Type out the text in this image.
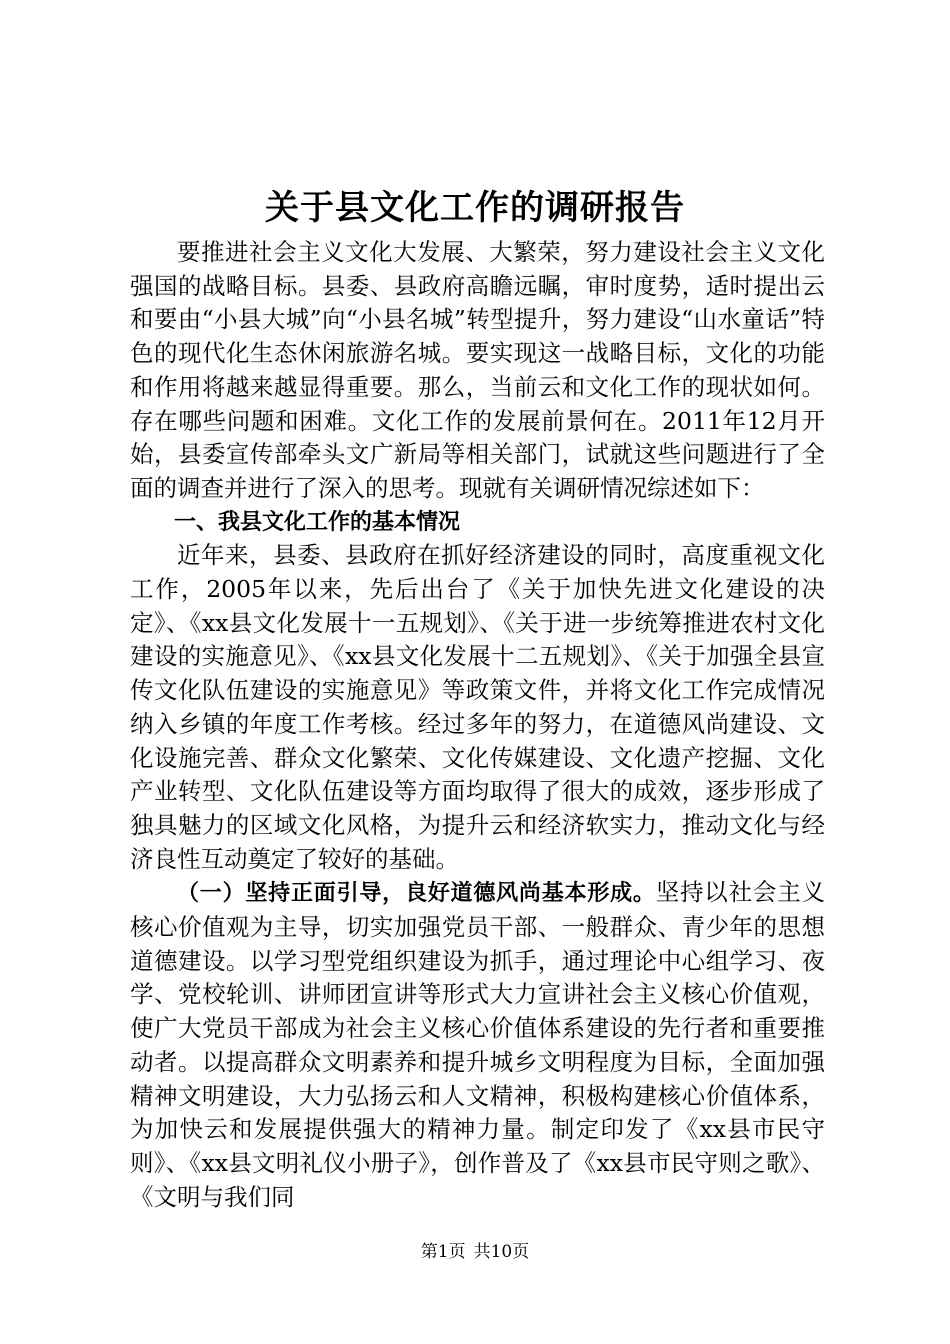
关于县文化工作的调研报告

要推进社会主义文化大发展、大繁荣，努力建设社会主义文化强国的战略目标。县委、县政府高瞻远瞩，审时度势，适时提出云和要由“小县大城”向“小县名城”转型提升，努力建设“山水童话”特色的现代化生态休闲旅游名城。要实现这一战略目标，文化的功能和作用将越来越显得重要。那么，当前云和文化工作的现状如何。存在哪些问题和困难。文化工作的发展前景何在。2011年12月开始，县委宣传部牵头文广新局等相关部门，试就这些问题进行了全面的调查并进行了深入的思考。现就有关调研情况综述如下：

一、我县文化工作的基本情况

近年来，县委、县政府在抓好经济建设的同时，高度重视文化工作，2005年以来，先后出台了《关于加快先进文化建设的决定》、《xx县文化发展十一五规划》、《关于进一步统筹推进农村文化建设的实施意见》、《xx县文化发展十二五规划》、《关于加强全县宣传文化队伍建设的实施意见》等政策文件，并将文化工作完成情况纳入乡镇的年度工作考核。经过多年的努力，在道德风尚建设、文化设施完善、群众文化繁荣、文化传媒建设、文化遗产挖掘、文化产业转型、文化队伍建设等方面均取得了很大的成效，逐步形成了独具魅力的区域文化风格，为提升云和经济软实力，推动文化与经济良性互动奠定了较好的基础。

（一）坚持正面引导，良好道德风尚基本形成。坚持以社会主义核心价值观为主导，切实加强党员干部、一般群众、青少年的思想道德建设。以学习型党组织建设为抓手，通过理论中心组学习、夜学、党校轮训、讲师团宣讲等形式大力宣讲社会主义核心价值观，使广大党员干部成为社会主义核心价值体系建设的先行者和重要推动者。以提高群众文明素养和提升城乡文明程度为目标，全面加强精神文明建设，大力弘扬云和人文精神，积极构建核心价值体系，为加快云和发展提供强大的精神力量。制定印发了《xx县市民守则》、《xx县文明礼仪小册子》，创作普及了《xx县市民守则之歌》、《文明与我们同

第1页 共10页
